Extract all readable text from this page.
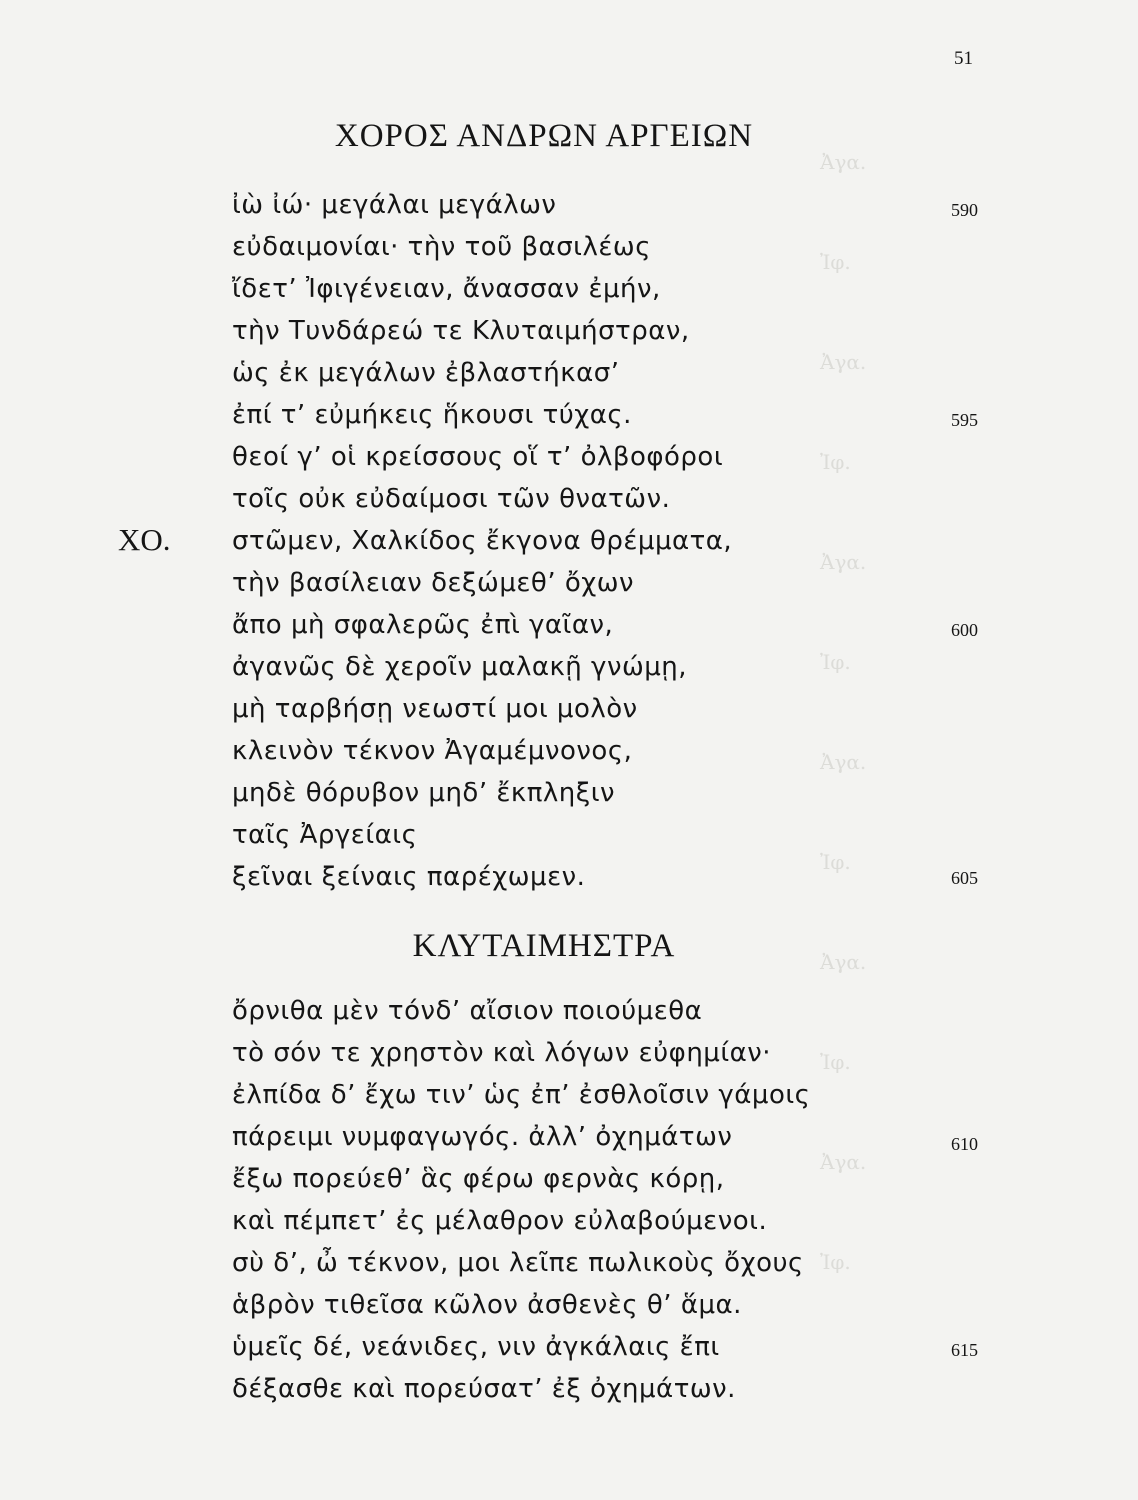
Ἀγα.
Ἰφ.
Ἀγα.
Ἰφ.
Ἀγα.
Ἰφ.
Ἀγα.
Ἰφ.
Ἀγα.
Ἰφ.
Ἀγα.
Ἰφ.
51
ΧΟΡΟΣ ΑΝΔΡΩΝ ΑΡΓΕΙΩΝ
ἰὼ ἰώ· μεγάλαι μεγάλων	590
εὐδαιμονίαι· τὴν τοῦ βασιλέως
ἴδετ’ Ἰφιγένειαν, ἄνασσαν ἐμήν,
τὴν Τυνδάρεώ τε Κλυταιμήστραν,
ὡς ἐκ μεγάλων ἐβλαστήκασ’
ἐπί τ’ εὐμήκεις ἥκουσι τύχας.	595
θεοί γ’ οἱ κρείσσους οἵ τ’ ὀλβοφόροι
τοῖς οὐκ εὐδαίμοσι τῶν θνατῶν.
ΧΟ. στῶμεν, Χαλκίδος ἔκγονα θρέμματα,
τὴν βασίλειαν δεξώμεθ’ ὄχων
ἄπο μὴ σφαλερῶς ἐπὶ γαῖαν,	600
ἀγανῶς δὲ χεροῖν μαλακῇ γνώμῃ,
μὴ ταρβήσῃ νεωστί μοι μολὸν
κλεινὸν τέκνον Ἀγαμέμνονος,
μηδὲ θόρυβον μηδ’ ἔκπληξιν
ταῖς Ἀργείαις
ξεῖναι ξείναις παρέχωμεν.	605
ΚΛΥΤΑΙΜΗΣΤΡΑ
ὄρνιθα μὲν τόνδ’ αἴσιον ποιούμεθα
τὸ σόν τε χρηστὸν καὶ λόγων εὐφημίαν·
ἐλπίδα δ’ ἔχω τιν’ ὡς ἐπ’ ἐσθλοῖσιν γάμοις
πάρειμι νυμφαγωγός. ἀλλ’ ὀχημάτων	610
ἔξω πορεύεθ’ ἃς φέρω φερνὰς κόρῃ,
καὶ πέμπετ’ ἐς μέλαθρον εὐλαβούμενοι.
σὺ δ’, ὦ τέκνον, μοι λεῖπε πωλικοὺς ὄχους
ἁβρὸν τιθεῖσα κῶλον ἀσθενὲς θ’ ἅμα.
ὑμεῖς δέ, νεάνιδες, νιν ἀγκάλαις ἔπι	615
δέξασθε καὶ πορεύσατ’ ἐξ ὀχημάτων.
